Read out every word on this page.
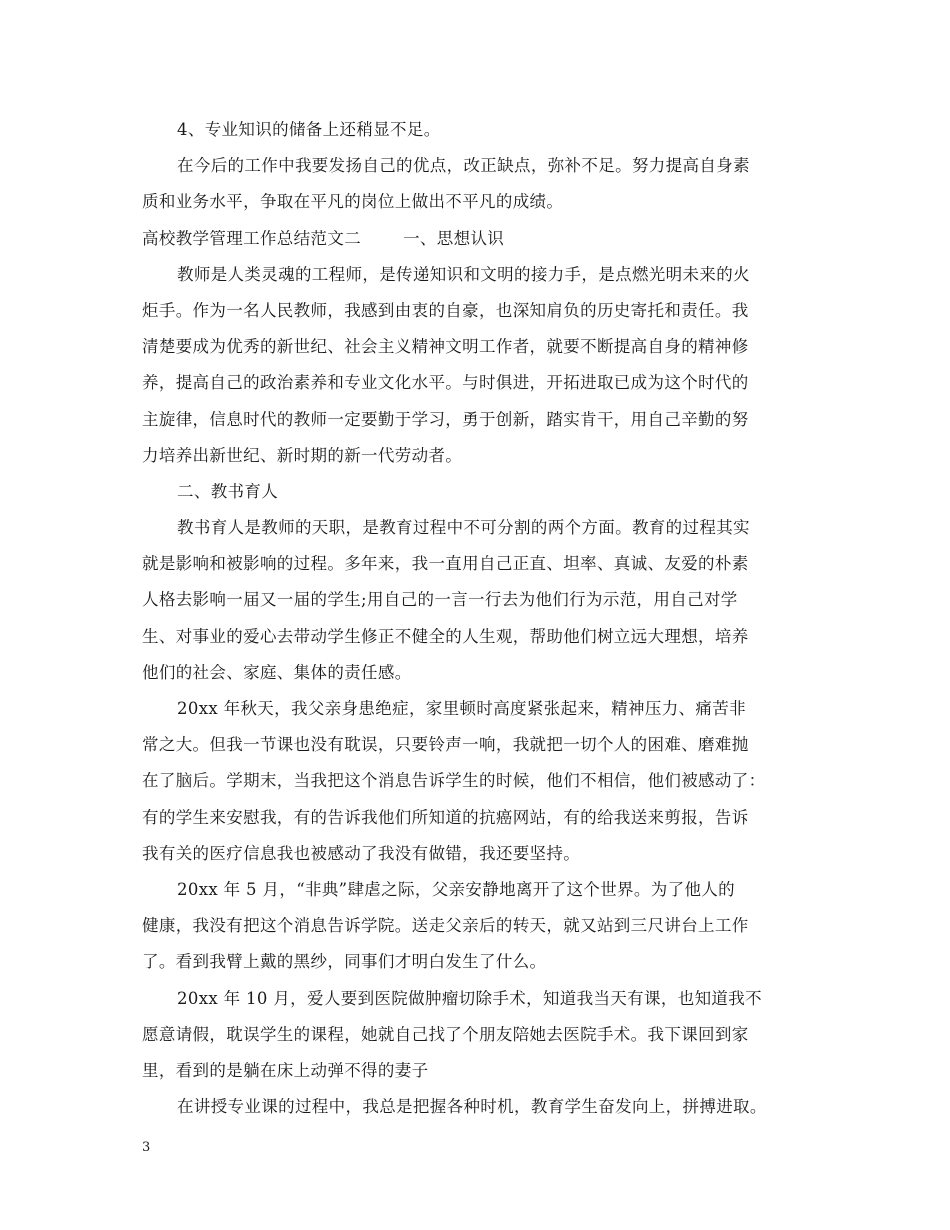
4、专业知识的储备上还稍显不足。
在今后的工作中我要发扬自己的优点，改正缺点，弥补不足。努力提高自身素
质和业务水平，争取在平凡的岗位上做出不平凡的成绩。
高校教学管理工作总结范文二	一、思想认识
教师是人类灵魂的工程师，是传递知识和文明的接力手，是点燃光明未来的火
炬手。作为一名人民教师，我感到由衷的自豪，也深知肩负的历史寄托和责任。我
清楚要成为优秀的新世纪、社会主义精神文明工作者，就要不断提高自身的精神修
养，提高自己的政治素养和专业文化水平。与时俱进，开拓进取已成为这个时代的
主旋律，信息时代的教师一定要勤于学习，勇于创新，踏实肯干，用自己辛勤的努
力培养出新世纪、新时期的新一代劳动者。
二、教书育人
教书育人是教师的天职，是教育过程中不可分割的两个方面。教育的过程其实
就是影响和被影响的过程。多年来，我一直用自己正直、坦率、真诚、友爱的朴素
人格去影响一届又一届的学生;用自己的一言一行去为他们行为示范，用自己对学
生、对事业的爱心去带动学生修正不健全的人生观，帮助他们树立远大理想，培养
他们的社会、家庭、集体的责任感。
20xx 年秋天，我父亲身患绝症，家里顿时高度紧张起来，精神压力、痛苦非
常之大。但我一节课也没有耽误，只要铃声一响，我就把一切个人的困难、磨难抛
在了脑后。学期末，当我把这个消息告诉学生的时候，他们不相信，他们被感动了：
有的学生来安慰我，有的告诉我他们所知道的抗癌网站，有的给我送来剪报，告诉
我有关的医疗信息我也被感动了我没有做错，我还要坚持。
20xx 年 5 月，“非典”肆虐之际，父亲安静地离开了这个世界。为了他人的
健康，我没有把这个消息告诉学院。送走父亲后的转天，就又站到三尺讲台上工作
了。看到我臂上戴的黑纱，同事们才明白发生了什么。
20xx 年 10 月，爱人要到医院做肿瘤切除手术，知道我当天有课，也知道我不
愿意请假，耽误学生的课程，她就自己找了个朋友陪她去医院手术。我下课回到家
里，看到的是躺在床上动弹不得的妻子
在讲授专业课的过程中，我总是把握各种时机，教育学生奋发向上，拼搏进取。
3
